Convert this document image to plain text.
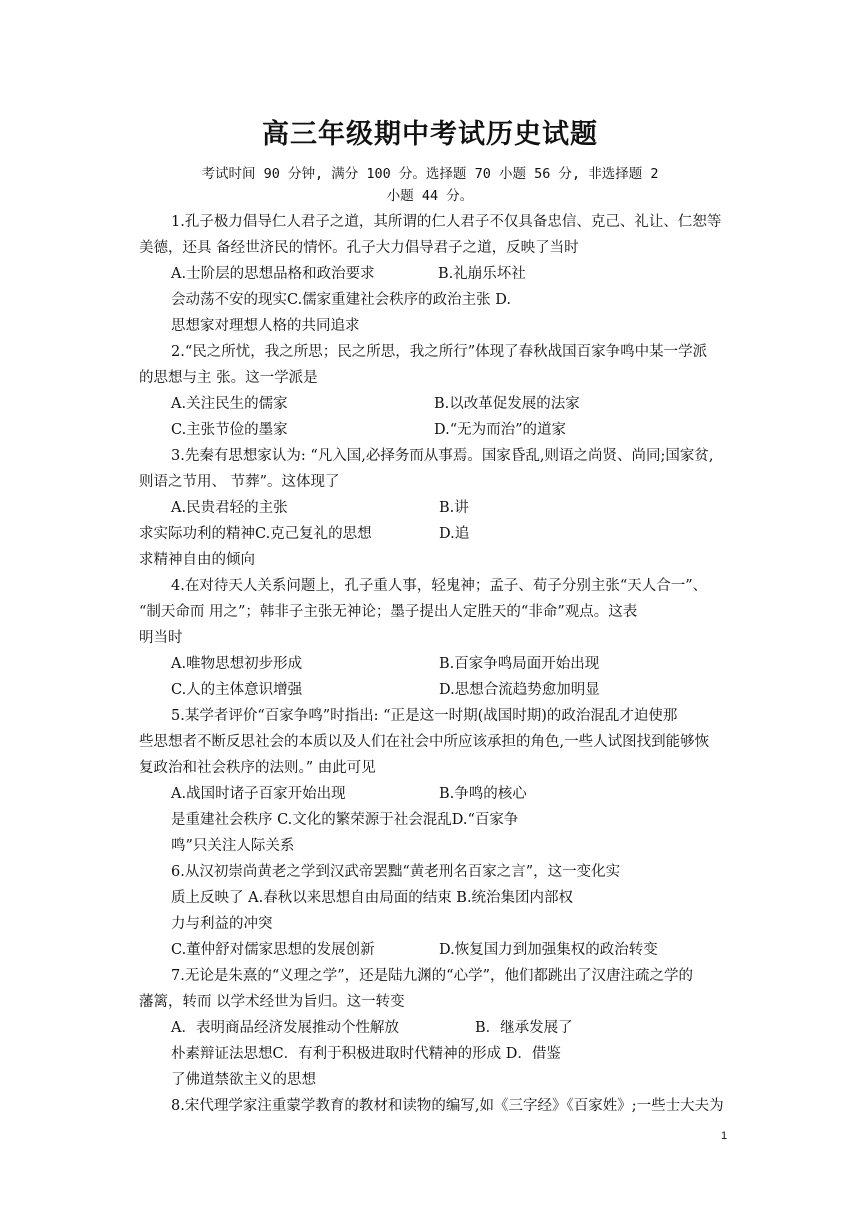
高三年级期中考试历史试题
考试时间 90 分钟, 满分 100 分。选择题 70 小题 56 分, 非选择题 2
小题 44 分。
1.孔子极力倡导仁人君子之道，其所谓的仁人君子不仅具备忠信、克己、礼让、仁恕等
美德，还具 备经世济民的情怀。孔子大力倡导君子之道，反映了当时
A.士阶层的思想品格和政治要求	B.礼崩乐坏社
会动荡不安的现实C.儒家重建社会秩序的政治主张 D.
思想家对理想人格的共同追求
2.“民之所忧，我之所思；民之所思，我之所行”体现了春秋战国百家争鸣中某一学派
的思想与主 张。这一学派是
A.关注民生的儒家	B.以改革促发展的法家
C.主张节俭的墨家	D.“无为而治”的道家
3.先秦有思想家认为: “凡入国,必择务而从事焉。国家昏乱,则语之尚贤、尚同;国家贫,
则语之节用、 节葬”。这体现了
A.民贵君轻的主张	B.讲
求实际功利的精神C.克己复礼的思想	D.追
求精神自由的倾向
4.在对待天人关系问题上，孔子重人事，轻鬼神；孟子、荀子分别主张“天人合一”、
“制天命而 用之”；韩非子主张无神论；墨子提出人定胜天的“非命”观点。这表
明当时
A.唯物思想初步形成	B.百家争鸣局面开始出现
C.人的主体意识增强	D.思想合流趋势愈加明显
5.某学者评价“百家争鸣”时指出: “正是这一时期(战国时期)的政治混乱才迫使那
些思想者不断反思社会的本质以及人们在社会中所应该承担的角色,一些人试图找到能够恢
复政治和社会秩序的法则。” 由此可见
A.战国时诸子百家开始出现	B.争鸣的核心
是重建社会秩序 C.文化的繁荣源于社会混乱D.“百家争
鸣”只关注人际关系
6.从汉初崇尚黄老之学到汉武帝罢黜“黄老刑名百家之言”，这一变化实
质上反映了 A.春秋以来思想自由局面的结束 B.统治集团内部权
力与利益的冲突
C.董仲舒对儒家思想的发展创新	D.恢复国力到加强集权的政治转变
7.无论是朱熹的“义理之学”，还是陆九渊的“心学”，他们都跳出了汉唐注疏之学的
藩篱，转而 以学术经世为旨归。这一转变
A．表明商品经济发展推动个性解放	B．继承发展了
朴素辩证法思想C．有利于积极进取时代精神的形成 D．借鉴
了佛道禁欲主义的思想
8.宋代理学家注重蒙学教育的教材和读物的编写,如《三字经》《百家姓》;一些士大夫为
1
